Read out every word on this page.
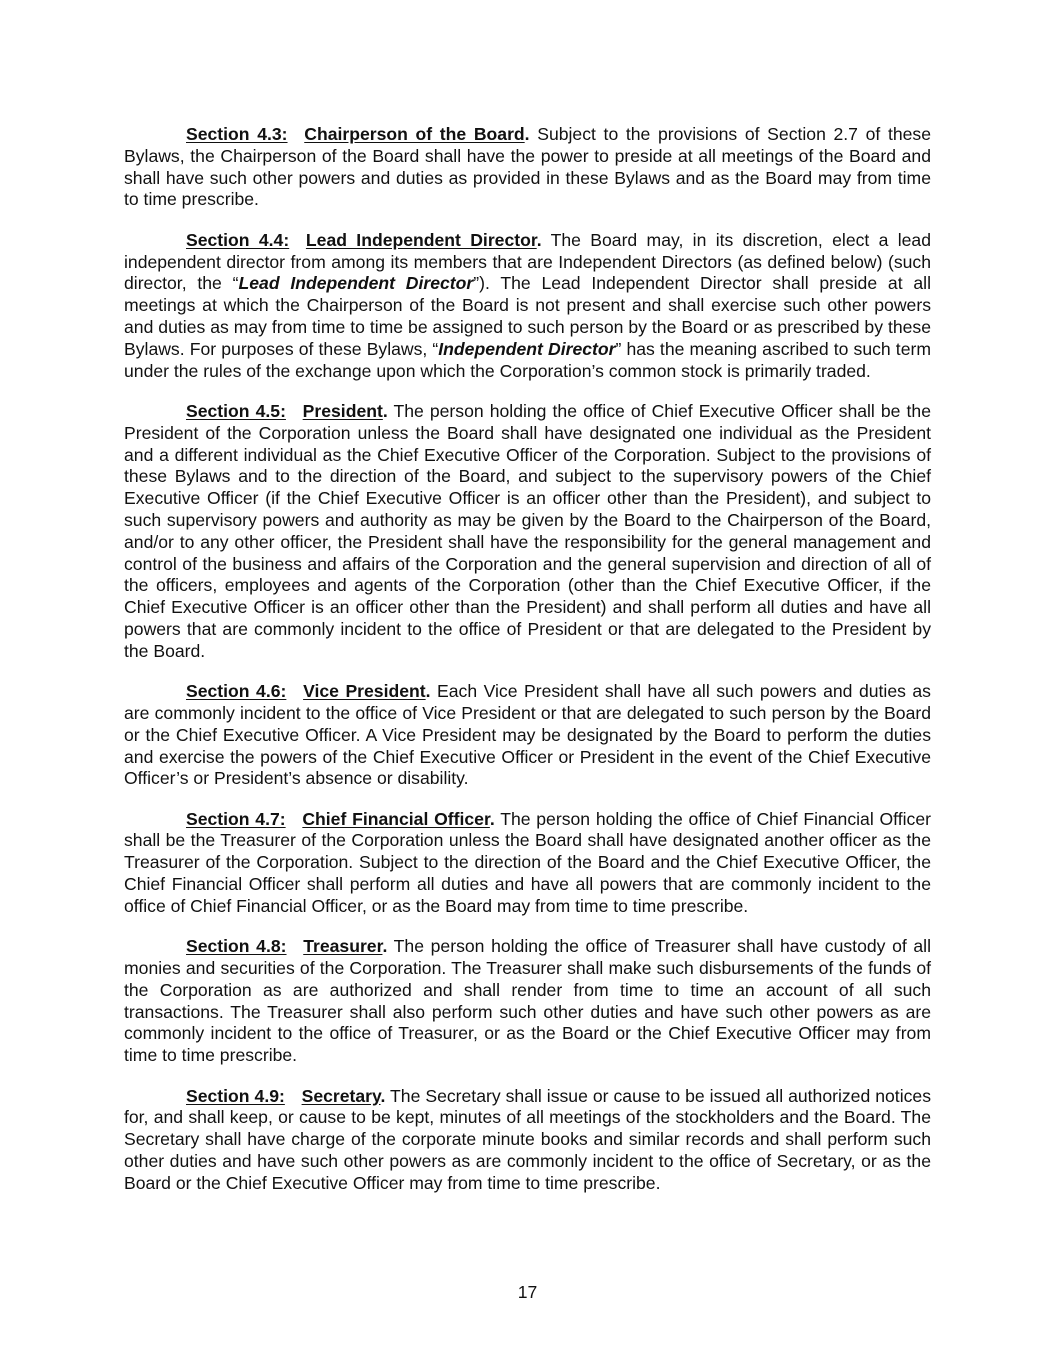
Section 4.3: Chairperson of the Board. Subject to the provisions of Section 2.7 of these Bylaws, the Chairperson of the Board shall have the power to preside at all meetings of the Board and shall have such other powers and duties as provided in these Bylaws and as the Board may from time to time prescribe.

Section 4.4: Lead Independent Director. The Board may, in its discretion, elect a lead independent director from among its members that are Independent Directors (as defined below) (such director, the “Lead Independent Director”). The Lead Independent Director shall preside at all meetings at which the Chairperson of the Board is not present and shall exercise such other powers and duties as may from time to time be assigned to such person by the Board or as prescribed by these Bylaws. For purposes of these Bylaws, “Independent Director” has the meaning ascribed to such term under the rules of the exchange upon which the Corporation’s common stock is primarily traded.

Section 4.5: President. The person holding the office of Chief Executive Officer shall be the President of the Corporation unless the Board shall have designated one individual as the President and a different individual as the Chief Executive Officer of the Corporation. Subject to the provisions of these Bylaws and to the direction of the Board, and subject to the supervisory powers of the Chief Executive Officer (if the Chief Executive Officer is an officer other than the President), and subject to such supervisory powers and authority as may be given by the Board to the Chairperson of the Board, and/or to any other officer, the President shall have the responsibility for the general management and control of the business and affairs of the Corporation and the general supervision and direction of all of the officers, employees and agents of the Corporation (other than the Chief Executive Officer, if the Chief Executive Officer is an officer other than the President) and shall perform all duties and have all powers that are commonly incident to the office of President or that are delegated to the President by the Board.

Section 4.6: Vice President. Each Vice President shall have all such powers and duties as are commonly incident to the office of Vice President or that are delegated to such person by the Board or the Chief Executive Officer. A Vice President may be designated by the Board to perform the duties and exercise the powers of the Chief Executive Officer or President in the event of the Chief Executive Officer’s or President’s absence or disability.

Section 4.7: Chief Financial Officer. The person holding the office of Chief Financial Officer shall be the Treasurer of the Corporation unless the Board shall have designated another officer as the Treasurer of the Corporation. Subject to the direction of the Board and the Chief Executive Officer, the Chief Financial Officer shall perform all duties and have all powers that are commonly incident to the office of Chief Financial Officer, or as the Board may from time to time prescribe.

Section 4.8: Treasurer. The person holding the office of Treasurer shall have custody of all monies and securities of the Corporation. The Treasurer shall make such disbursements of the funds of the Corporation as are authorized and shall render from time to time an account of all such transactions. The Treasurer shall also perform such other duties and have such other powers as are commonly incident to the office of Treasurer, or as the Board or the Chief Executive Officer may from time to time prescribe.

Section 4.9: Secretary. The Secretary shall issue or cause to be issued all authorized notices for, and shall keep, or cause to be kept, minutes of all meetings of the stockholders and the Board. The Secretary shall have charge of the corporate minute books and similar records and shall perform such other duties and have such other powers as are commonly incident to the office of Secretary, or as the Board or the Chief Executive Officer may from time to time prescribe.

17
